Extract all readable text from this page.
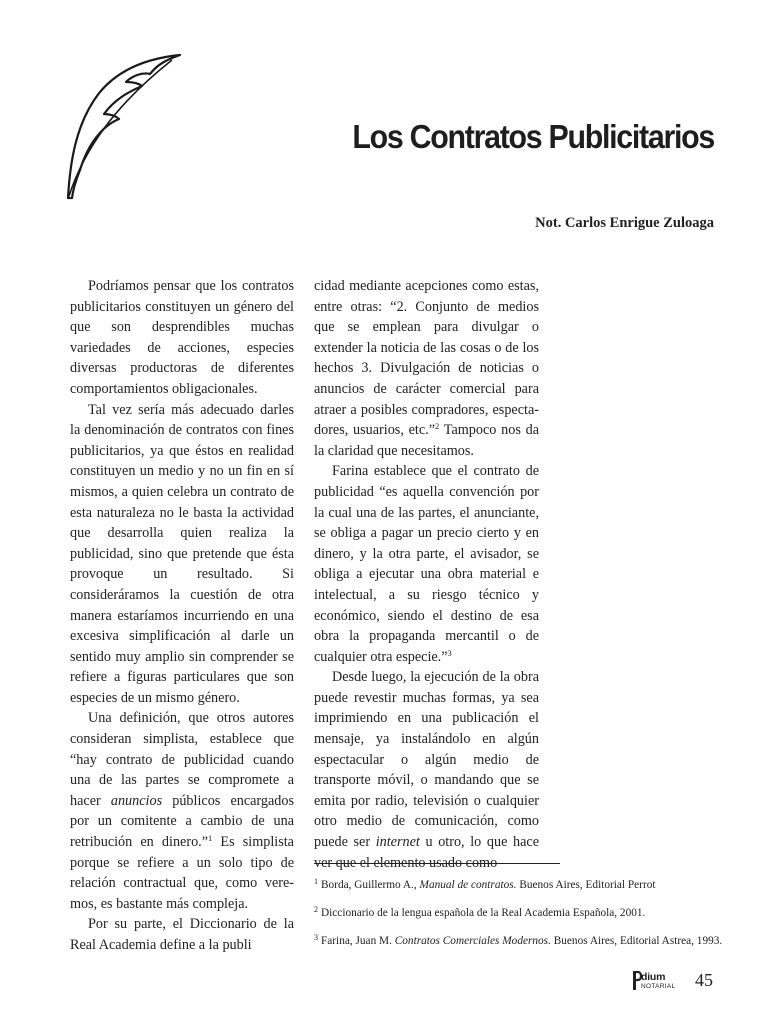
Los Contratos Publicitarios
Not. Carlos Enrigue Zuloaga

Podríamos pensar que los contratos publicitarios constituyen un género del que son desprendibles muchas variedades de acciones, especies diversas productoras de diferentes comportamientos obligacionales.

Tal vez sería más adecuado darles la denominación de contratos con fines publicitarios, ya que éstos en realidad constituyen un medio y no un fin en sí mismos, a quien celebra un contrato de esta naturaleza no le basta la actividad que desarrolla quien realiza la publicidad, sino que pretende que ésta provoque un resultado. Si consideráramos la cuestión de otra manera estaríamos incurriendo en una excesiva simplificación al darle un sentido muy amplio sin comprender se refiere a figuras particulares que son especies de un mismo género.

Una definición, que otros autores consideran simplista, establece que “hay contrato de publicidad cuando una de las partes se compromete a hacer anuncios públicos encargados por un comitente a cambio de una retribución en dinero.”$^1$ Es simplista porque se refiere a un solo tipo de relación contractual que, como veremos, es bastante más compleja.

Por su parte, el Diccionario de la Real Academia define a la publi

cidad mediante acepciones como estas, entre otras: “2. Conjunto de medios que se emplean para divulgar o extender la noticia de las cosas o de los hechos 3. Divulgación de noticias o anuncios de carácter comercial para atraer a posibles compradores, espectadores, usuarios, etc.”$^2$ Tampoco nos da la claridad que necesitamos.

Farina establece que el contrato de publicidad “es aquella convención por la cual una de las partes, el anunciante, se obliga a pagar un precio cierto y en dinero, y la otra parte, el avisador, se obliga a ejecutar una obra material e intelectual, a su riesgo técnico y económico, siendo el destino de esa obra la propaganda mercantil o de cualquier otra especie.”$^3$

Desde luego, la ejecución de la obra puede revestir muchas formas, ya sea imprimiendo en una publicación el mensaje, ya instalándolo en algún espectacular o algún medio de transporte móvil, o mandando que se emita por radio, televisión o cualquier otro medio de comunicación, como puede ser internet u otro, lo que hace ver que el elemento usado como

$^1$ Borda, Guillermo A., Manual de contratos. Buenos Aires, Editorial Perrot
$^2$ Diccionario de la lengua española de la Real Academia Española, 2001.
$^3$ Farina, Juan M. Contratos Comerciales Modernos. Buenos Aires, Editorial Astrea, 1993.
dium
NOTARIAL 45
